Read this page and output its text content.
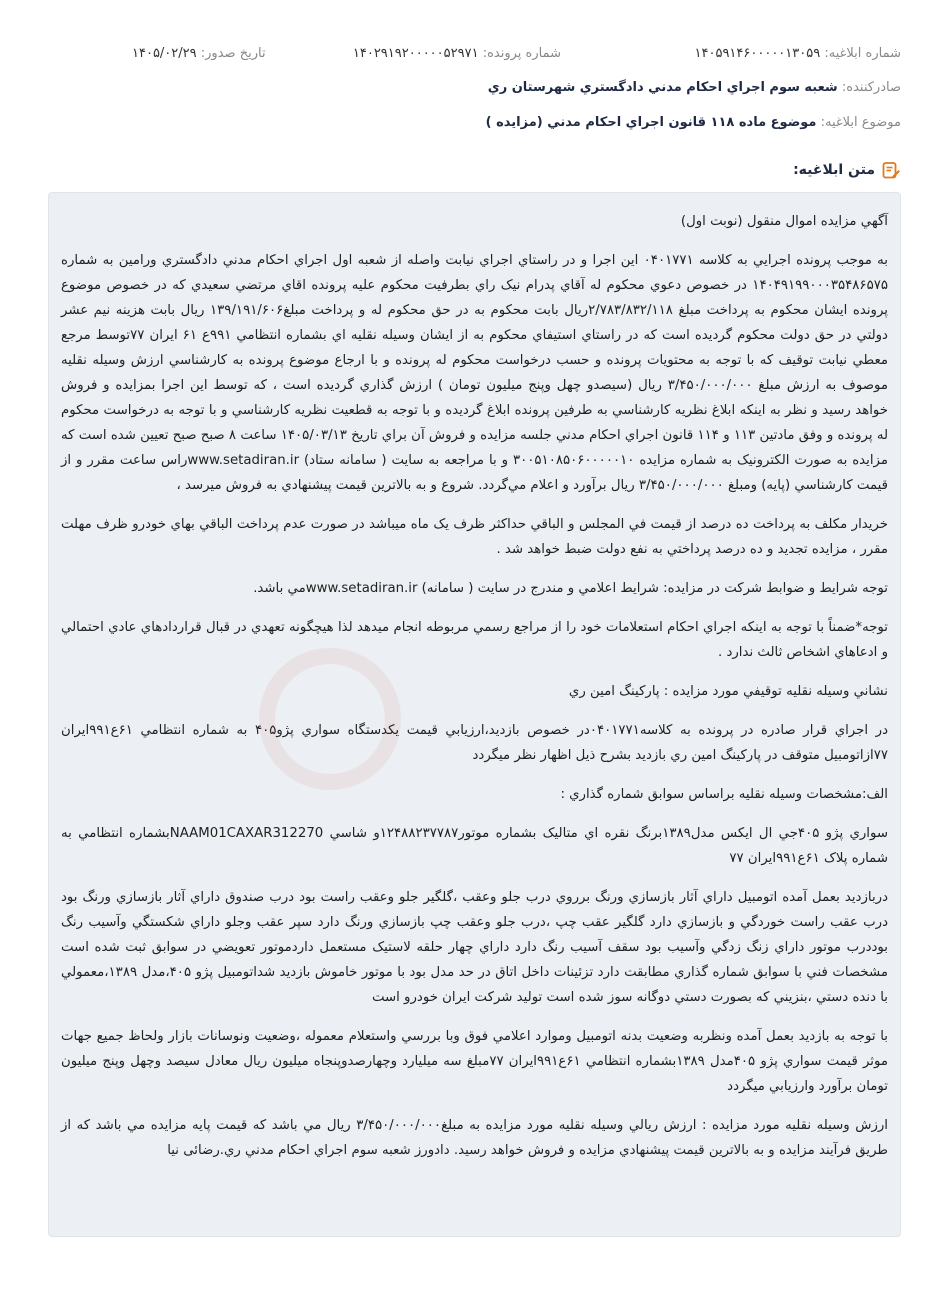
شماره ابلاغيه: ۱۴۰۵۹۱۴۶۰۰۰۰۰۱۳۰۵۹
شماره پرونده: ۱۴۰۲۹۱۹۲۰۰۰۰۰۵۲۹۷۱
تاريخ صدور: ۱۴۰۵/۰۲/۲۹
صادركننده: شعبه سوم اجراي احكام مدني دادگستري شهرستان ري
موضوع ابلاغيه: موضوع ماده ۱۱۸ قانون اجراي احكام مدني (مزايده )
متن ابلاغيه:

آگهي مزايده اموال منقول (نوبت اول)

به موجب پرونده اجرايي به كلاسه ۰۴۰۱۷۷۱ اين اجرا و در راستاي اجراي نيابت واصله از شعبه اول اجراي احكام مدني دادگستري ورامين به شماره ۱۴۰۴۹۱۹۹۰۰۰۳۵۴۸۶۵۷۵ در خصوص دعوي محكوم له آقاي پدرام نيک راي بطرفيت محكوم عليه پرونده اقاي مرتضي سعيدي كه در خصوص موضوع پرونده ايشان محكوم به پرداخت مبلغ ۲/۷۸۳/۸۳۲/۱۱۸ريال بابت محكوم به در حق محكوم له و پرداخت مبلغ۱۳۹/۱۹۱/۶۰۶ ريال بابت هزينه نيم عشر دولتي در حق دولت محكوم گرديده است كه در راستاي استيفاي محكوم به از ايشان وسيله نقليه اي بشماره انتظامي ۹۹۱ع ۶۱ ايران ۷۷توسط مرجع معطي نيابت توقيف كه با توجه به محتويات پرونده و حسب درخواست محكوم له پرونده و با ارجاع موضوع پرونده به كارشناسي ارزش وسيله نقليه موصوف به ارزش مبلغ ۳/۴۵۰/۰۰۰/۰۰۰ ريال (سيصدو چهل وپنج ميليون تومان ) ارزش گذاري گرديده است ، كه توسط اين اجرا بمزايده و فروش خواهد رسيد و نظر به اينكه ابلاغ نظريه كارشناسي به طرفين پرونده ابلاغ گرديده و با توجه به قطعيت نظريه كارشناسي و با توجه به درخواست محكوم له پرونده و وفق مادتين ۱۱۳ و ۱۱۴ قانون اجراي احكام مدني جلسه مزايده و فروش آن براي تاريخ ۱۴۰۵/۰۳/۱۳ ساعت ۸ صبح صبح تعيين شده است كه مزايده به صورت الكترونيک به شماره مزايده ۳۰۰۵۱۰۸۵۰۶۰۰۰۰۰۱۰ و با مراجعه به سايت ( سامانه ستاد) www.setadiran.irراس ساعت مقرر و از قيمت كارشناسي (پايه) ومبلغ ۳/۴۵۰/۰۰۰/۰۰۰ ريال برآورد و اعلام مي‌گردد. شروع و به بالاترين قيمت پيشنهادي به فروش ميرسد ،

خريدار مكلف به پرداخت ده درصد از قيمت في المجلس و الباقي حداكثر ظرف يک ماه ميباشد در صورت عدم پرداخت الباقي بهاي خودرو ظرف مهلت مقرر ، مزايده تجديد و ده درصد پرداختي به نفع دولت ضبط خواهد شد .

توجه شرايط و ضوابط شركت در مزايده: شرايط اعلامي و مندرج در سايت ( سامانه) www.setadiran.irمي باشد.

توجه*ضمناً با توجه به اينكه اجراي احكام استعلامات خود را از مراجع رسمي مربوطه انجام ميدهد لذا هيچگونه تعهدي در قبال قراردادهاي عادي احتمالي و ادعاهاي اشخاص ثالث ندارد .

نشاني وسيله نقليه توقيفي مورد مزايده : پاركينگ امين ري

در اجراي قرار صادره در پرونده به كلاسه۰۴۰۱۷۷۱در خصوص بازديد،ارزيابي قيمت يكدستگاه سواري پژو۴۰۵ به شماره انتظامي ۶۱ع۹۹۱ايران ۷۷ازاتومبيل متوقف در پاركينگ امين ري بازديد بشرح ذيل اظهار نظر ميگردد

الف:مشخصات وسيله نقليه براساس سوابق شماره گذاري :

سواري پژو ۴۰۵جي ال ايكس مدل۱۳۸۹برنگ نقره اي متاليک بشماره موتور۱۲۴۸۸۲۳۷۷۸۷و شاسي NAAM01CAXAR312270بشماره انتظامي به شماره پلاک ۶۱ع۹۹۱ايران ۷۷

دربازديد بعمل آمده اتومبيل داراي آثار بازسازي ورنگ برروي درب جلو وعقب ،گلگير جلو وعقب راست بود درب صندوق داراي آثار بازسازي ورنگ بود درب عقب راست خوردگي و بازسازي دارد گلگير عقب چپ ،درب جلو وعقب چپ بازسازي ورنگ دارد سپر عقب وجلو داراي شكستگي وآسيب رنگ بوددرب موتور داراي زنگ زدگي وآسيب بود سقف آسيب رنگ دارد داراي چهار حلقه لاستيک مستعمل داردموتور تعويضي در سوابق ثبت شده است مشخصات فني با سوابق شماره گذاري مطابقت دارد تزئينات داخل اتاق در حد مدل بود با موتور خاموش بازديد شداتومبيل پژو ۴۰۵،مدل ۱۳۸۹،معمولي با دنده دستي ،بنزيني كه بصورت دستي دوگانه سوز شده است توليد شركت ايران خودرو است

با توجه به بازديد بعمل آمده ونظربه وضعيت بدنه اتومبيل وموارد اعلامي فوق وبا بررسي واستعلام معموله ،وضعيت ونوسانات بازار ولحاظ جميع جهات موثر قيمت سواري پژو ۴۰۵مدل ۱۳۸۹بشماره انتظامي ۶۱ع۹۹۱ايران ۷۷مبلغ سه ميليارد وچهارصدوپنجاه ميليون ريال معادل سيصد وچهل وپنج ميليون تومان برآورد وارزيابي ميگردد

ارزش وسيله نقليه مورد مزايده : ارزش ريالي وسيله نقليه مورد مزايده به مبلغ۳/۴۵۰/۰۰۰/۰۰۰ ريال مي باشد كه قيمت پايه مزايده مي باشد كه از طريق فرآيند مزايده و به بالاترين قيمت پيشنهادي مزايده و فروش خواهد رسيد. دادورز شعبه سوم اجراي احكام مدني ري.رضائی نيا
